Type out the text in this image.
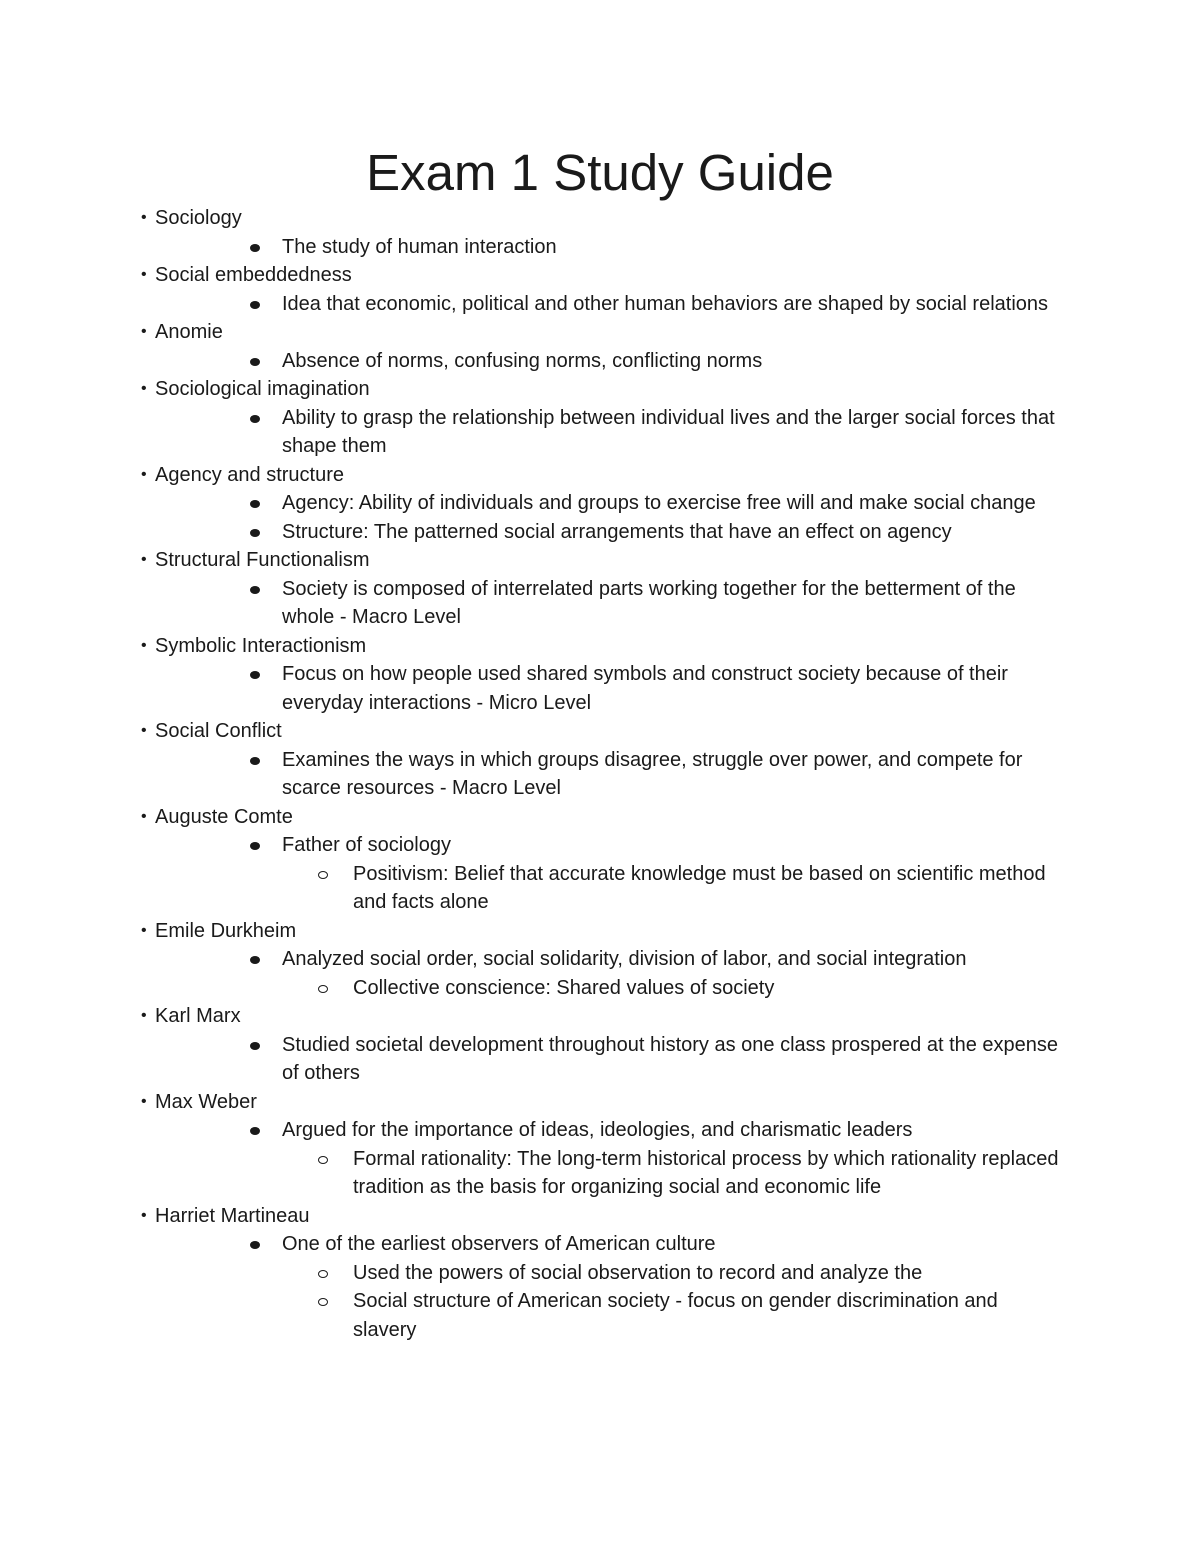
Exam 1 Study Guide
• Sociology
The study of human interaction
• Social embeddedness
Idea that economic, political and other human behaviors are shaped by social relations
• Anomie
Absence of norms, confusing norms, conflicting norms
• Sociological imagination
Ability to grasp the relationship between individual lives and the larger social forces that shape them
• Agency and structure
Agency: Ability of individuals and groups to exercise free will and make social change
Structure: The patterned social arrangements that have an effect on agency
• Structural Functionalism
Society is composed of interrelated parts working together for the betterment of the whole - Macro Level
• Symbolic Interactionism
Focus on how people used shared symbols and construct society because of their everyday interactions - Micro Level
• Social Conflict
Examines the ways in which groups disagree, struggle over power, and compete for scarce resources - Macro Level
• Auguste Comte
Father of sociology
Positivism: Belief that accurate knowledge must be based on scientific method and facts alone
• Emile Durkheim
Analyzed social order, social solidarity, division of labor, and social integration
Collective conscience: Shared values of society
• Karl Marx
Studied societal development throughout history as one class prospered at the expense of others
• Max Weber
Argued for the importance of ideas, ideologies, and charismatic leaders
Formal rationality: The long-term historical process by which rationality replaced tradition as the basis for organizing social and economic life
• Harriet Martineau
One of the earliest observers of American culture
Used the powers of social observation to record and analyze the
Social structure of American society - focus on gender discrimination and slavery
